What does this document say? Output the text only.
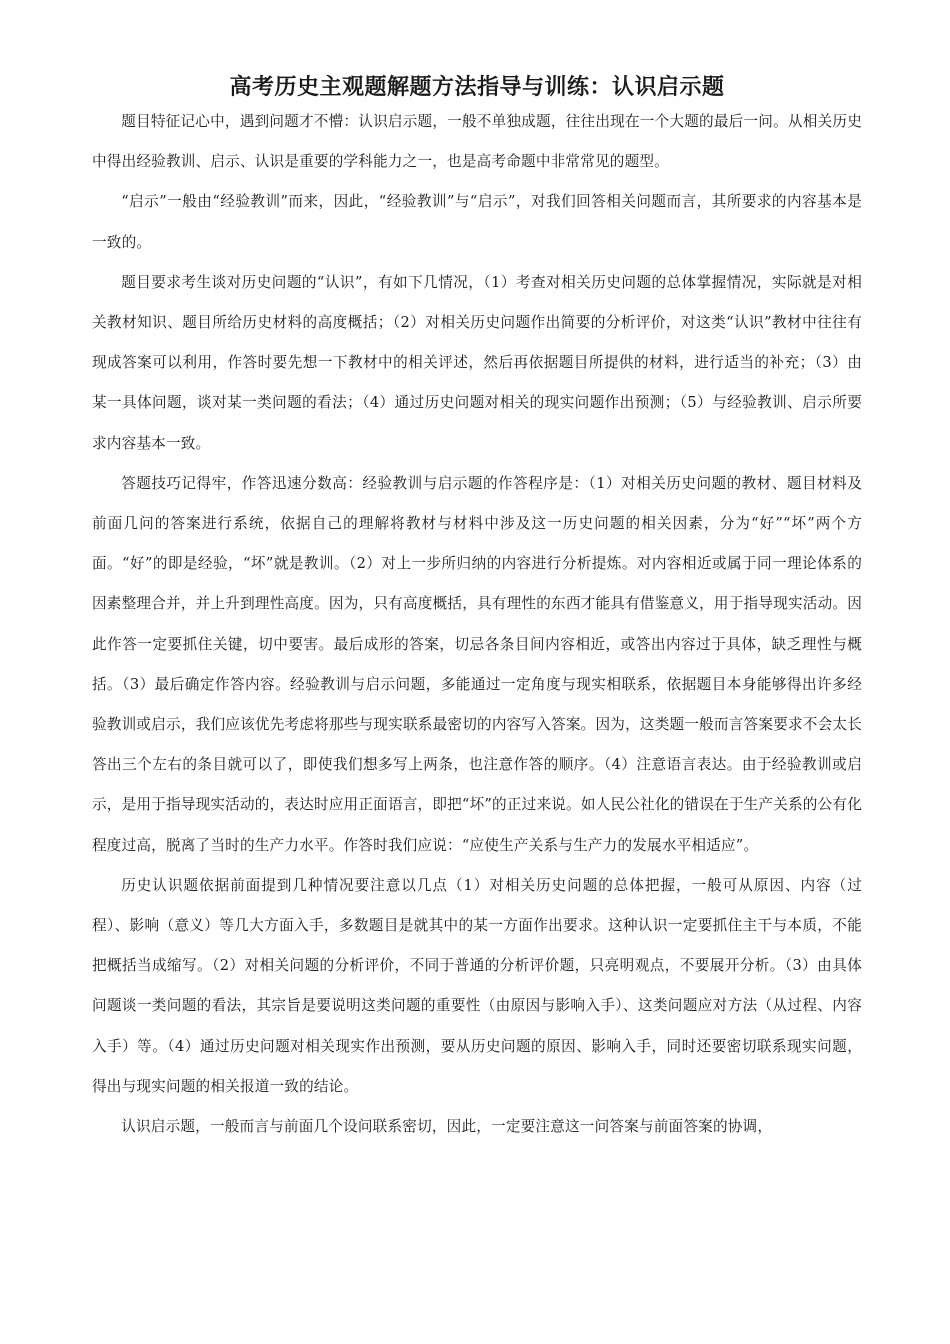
高考历史主观题解题方法指导与训练：认识启示题

题目特征记心中，遇到问题才不懵：认识启示题，一般不单独成题，往往出现在一个大题的最后一问。从相关历史中得出经验教训、启示、认识是重要的学科能力之一，也是高考命题中非常常见的题型。

“启示”一般由“经验教训”而来，因此，“经验教训”与“启示”，对我们回答相关问题而言，其所要求的内容基本是一致的。

题目要求考生谈对历史问题的“认识”，有如下几情况，（1）考查对相关历史问题的总体掌握情况，实际就是对相关教材知识、题目所给历史材料的高度概括；（2）对相关历史问题作出简要的分析评价，对这类“认识”教材中往往有现成答案可以利用，作答时要先想一下教材中的相关评述，然后再依据题目所提供的材料，进行适当的补充；（3）由某一具体问题，谈对某一类问题的看法；（4）通过历史问题对相关的现实问题作出预测；（5）与经验教训、启示所要求内容基本一致。

答题技巧记得牢，作答迅速分数高：经验教训与启示题的作答程序是：（1）对相关历史问题的教材、题目材料及前面几问的答案进行系统，依据自己的理解将教材与材料中涉及这一历史问题的相关因素，分为“好”“坏”两个方面。“好”的即是经验，“坏”就是教训。（2）对上一步所归纳的内容进行分析提炼。对内容相近或属于同一理论体系的因素整理合并，并上升到理性高度。因为，只有高度概括，具有理性的东西才能具有借鉴意义，用于指导现实活动。因此作答一定要抓住关键，切中要害。最后成形的答案，切忌各条目间内容相近，或答出内容过于具体，缺乏理性与概括。（3）最后确定作答内容。经验教训与启示问题，多能通过一定角度与现实相联系，依据题目本身能够得出许多经验教训或启示，我们应该优先考虑将那些与现实联系最密切的内容写入答案。因为，这类题一般而言答案要求不会太长答出三个左右的条目就可以了，即使我们想多写上两条，也注意作答的顺序。（4）注意语言表达。由于经验教训或启示，是用于指导现实活动的，表达时应用正面语言，即把“坏”的正过来说。如人民公社化的错误在于生产关系的公有化程度过高，脱离了当时的生产力水平。作答时我们应说：“应使生产关系与生产力的发展水平相适应”。

历史认识题依据前面提到几种情况要注意以几点（1）对相关历史问题的总体把握，一般可从原因、内容（过程）、影响（意义）等几大方面入手，多数题目是就其中的某一方面作出要求。这种认识一定要抓住主干与本质，不能把概括当成缩写。（2）对相关问题的分析评价，不同于普通的分析评价题，只亮明观点，不要展开分析。（3）由具体问题谈一类问题的看法，其宗旨是要说明这类问题的重要性（由原因与影响入手）、这类问题应对方法（从过程、内容入手）等。（4）通过历史问题对相关现实作出预测，要从历史问题的原因、影响入手，同时还要密切联系现实问题，得出与现实问题的相关报道一致的结论。

认识启示题，一般而言与前面几个设问联系密切，因此，一定要注意这一问答案与前面答案的协调，
